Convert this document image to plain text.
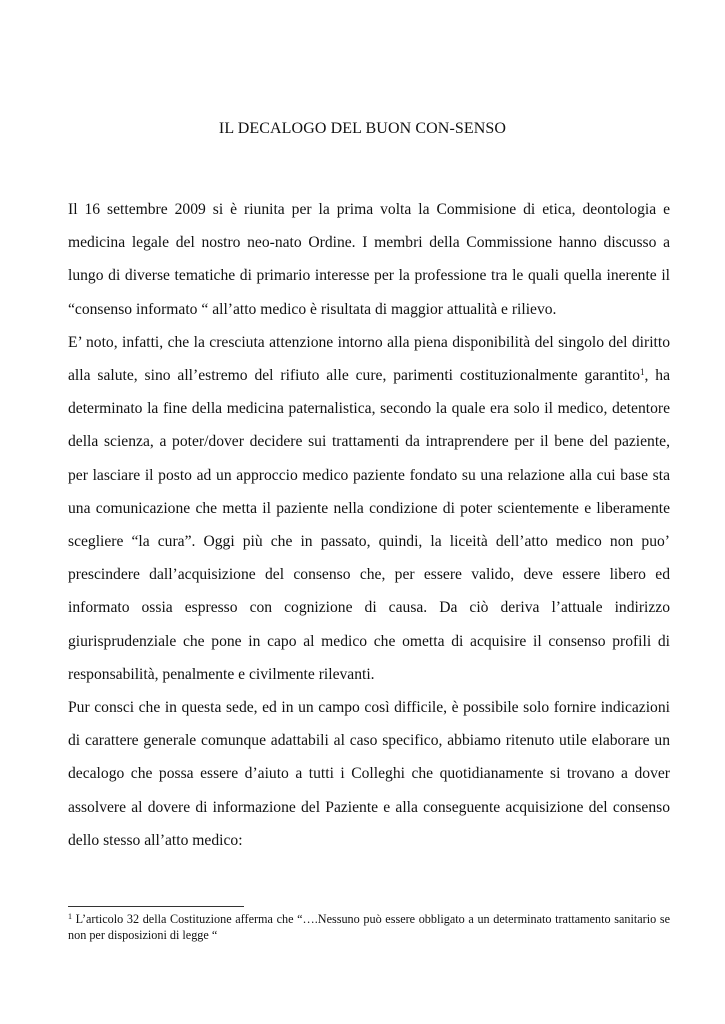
IL DECALOGO DEL BUON CON-SENSO

Il 16 settembre 2009 si è riunita per la prima volta la Commisione di etica, deontologia e medicina legale del nostro neo-nato Ordine. I membri della Commissione hanno discusso a lungo di diverse tematiche di primario interesse per la professione tra le quali quella inerente il “consenso informato “ all’atto medico è risultata di maggior attualità e rilievo.

E’ noto, infatti, che la cresciuta attenzione intorno alla piena disponibilità del singolo del diritto alla salute, sino all’estremo del rifiuto alle cure, parimenti costituzionalmente garantito$^1$, ha determinato la fine della medicina paternalistica, secondo la quale era solo il medico, detentore della scienza, a poter/dover decidere sui trattamenti da intraprendere per il bene del paziente, per lasciare il posto ad un approccio medico paziente fondato su una relazione alla cui base sta una comunicazione che metta il paziente nella condizione di poter scientemente e liberamente scegliere “la cura”. Oggi più che in passato, quindi, la liceità dell’atto medico non puo’ prescindere dall’acquisizione del consenso che, per essere valido, deve essere libero ed informato ossia espresso con cognizione di causa. Da ciò deriva l’attuale indirizzo giurisprudenziale che pone in capo al medico che ometta di acquisire il consenso profili di responsabilità, penalmente e civilmente rilevanti.

Pur consci che in questa sede, ed in un campo così difficile, è possibile solo fornire indicazioni di carattere generale comunque adattabili al caso specifico, abbiamo ritenuto utile elaborare un decalogo che possa essere d’aiuto a tutti i Colleghi che quotidianamente si trovano a dover assolvere al dovere di informazione del Paziente e alla conseguente acquisizione del consenso dello stesso all’atto medico:

$^1$ L’articolo 32 della Costituzione afferma che “….Nessuno può essere obbligato a un determinato trattamento sanitario se non per disposizioni di legge “
